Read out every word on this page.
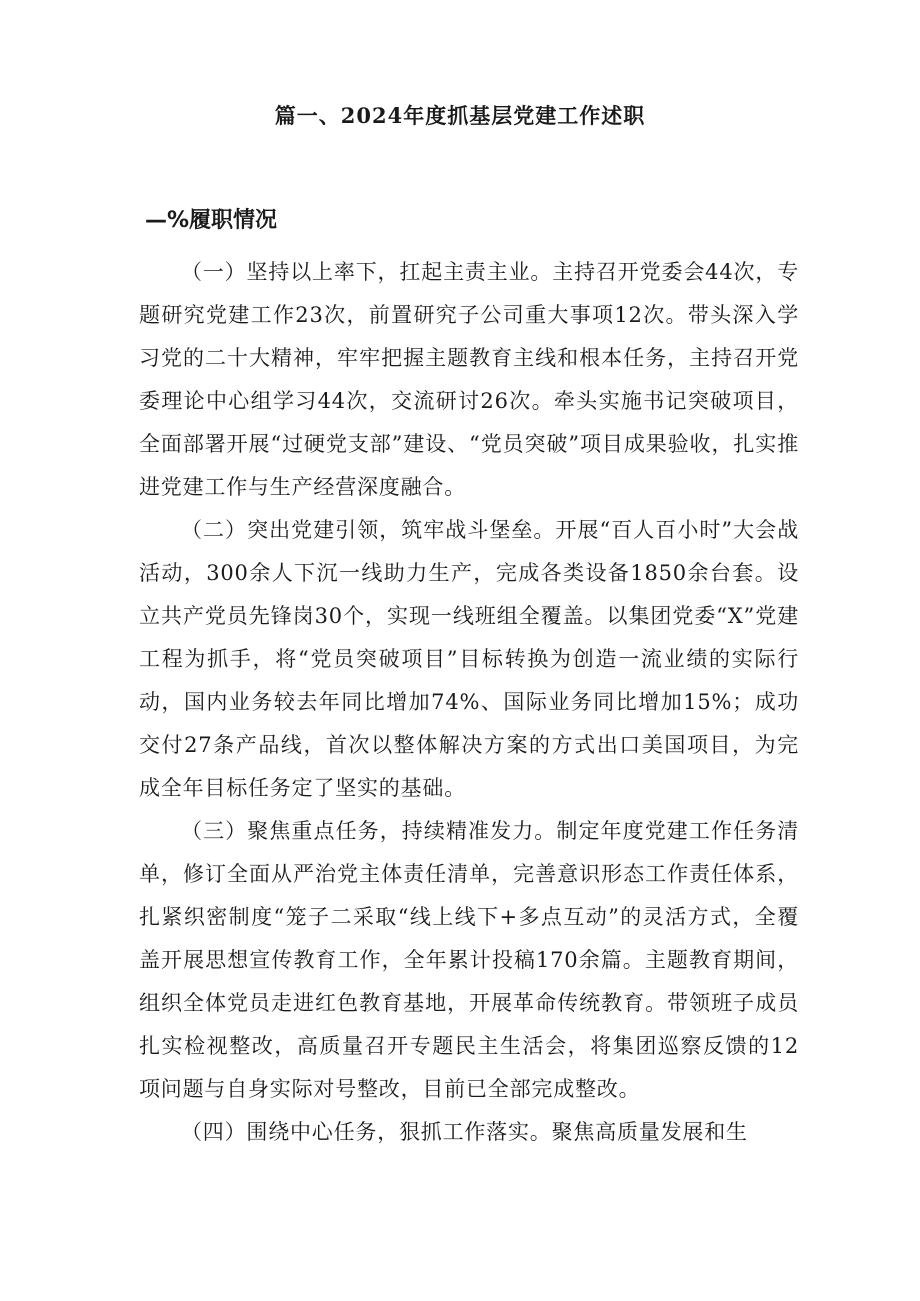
篇一、2024年度抓基层党建工作述职
—%履职情况

（一）坚持以上率下，扛起主责主业。主持召开党委会44次，专题研究党建工作23次，前置研究子公司重大事项12次。带头深入学习党的二十大精神，牢牢把握主题教育主线和根本任务，主持召开党委理论中心组学习44次，交流研讨26次。牵头实施书记突破项目，全面部署开展“过硬党支部”建设、“党员突破”项目成果验收，扎实推进党建工作与生产经营深度融合。

（二）突出党建引领，筑牢战斗堡垒。开展“百人百小时”大会战活动，300余人下沉一线助力生产，完成各类设备1850余台套。设立共产党员先锋岗30个，实现一线班组全覆盖。以集团党委“X”党建工程为抓手，将“党员突破项目”目标转换为创造一流业绩的实际行动，国内业务较去年同比增加74%、国际业务同比增加15%；成功交付27条产品线，首次以整体解决方案的方式出口美国项目，为完成全年目标任务定了坚实的基础。

（三）聚焦重点任务，持续精准发力。制定年度党建工作任务清单，修订全面从严治党主体责任清单，完善意识形态工作责任体系，扎紧织密制度“笼子二采取“线上线下+多点互动”的灵活方式，全覆盖开展思想宣传教育工作，全年累计投稿170余篇。主题教育期间，组织全体党员走进红色教育基地，开展革命传统教育。带领班子成员扎实检视整改，高质量召开专题民主生活会，将集团巡察反馈的12项问题与自身实际对号整改，目前已全部完成整改。

（四）围绕中心任务，狠抓工作落实。聚焦高质量发展和生
